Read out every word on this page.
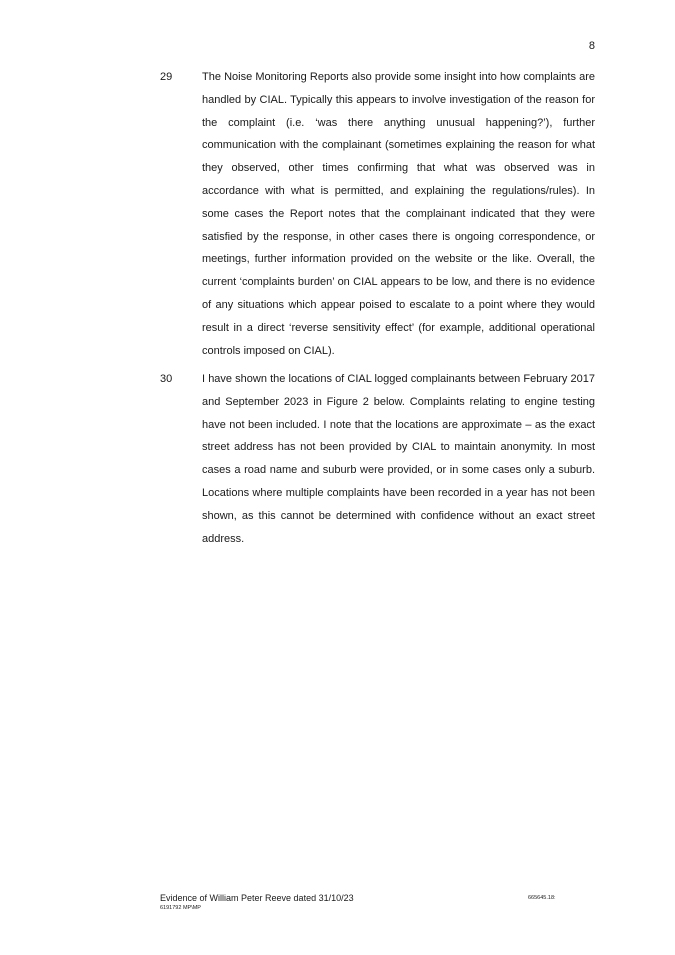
8
29	The Noise Monitoring Reports also provide some insight into how complaints are handled by CIAL. Typically this appears to involve investigation of the reason for the complaint (i.e. ‘was there anything unusual happening?’), further communication with the complainant (sometimes explaining the reason for what they observed, other times confirming that what was observed was in accordance with what is permitted, and explaining the regulations/rules). In some cases the Report notes that the complainant indicated that they were satisfied by the response, in other cases there is ongoing correspondence, or meetings, further information provided on the website or the like. Overall, the current ‘complaints burden’ on CIAL appears to be low, and there is no evidence of any situations which appear poised to escalate to a point where they would result in a direct ‘reverse sensitivity effect’ (for example, additional operational controls imposed on CIAL).
30	I have shown the locations of CIAL logged complainants between February 2017 and September 2023 in Figure 2 below. Complaints relating to engine testing have not been included. I note that the locations are approximate – as the exact street address has not been provided by CIAL to maintain anonymity. In most cases a road name and suburb were provided, or in some cases only a suburb. Locations where multiple complaints have been recorded in a year has not been shown, as this cannot be determined with confidence without an exact street address.
Evidence of William Peter Reeve dated 31/10/23
6191792 MP\MP
665645.18:
